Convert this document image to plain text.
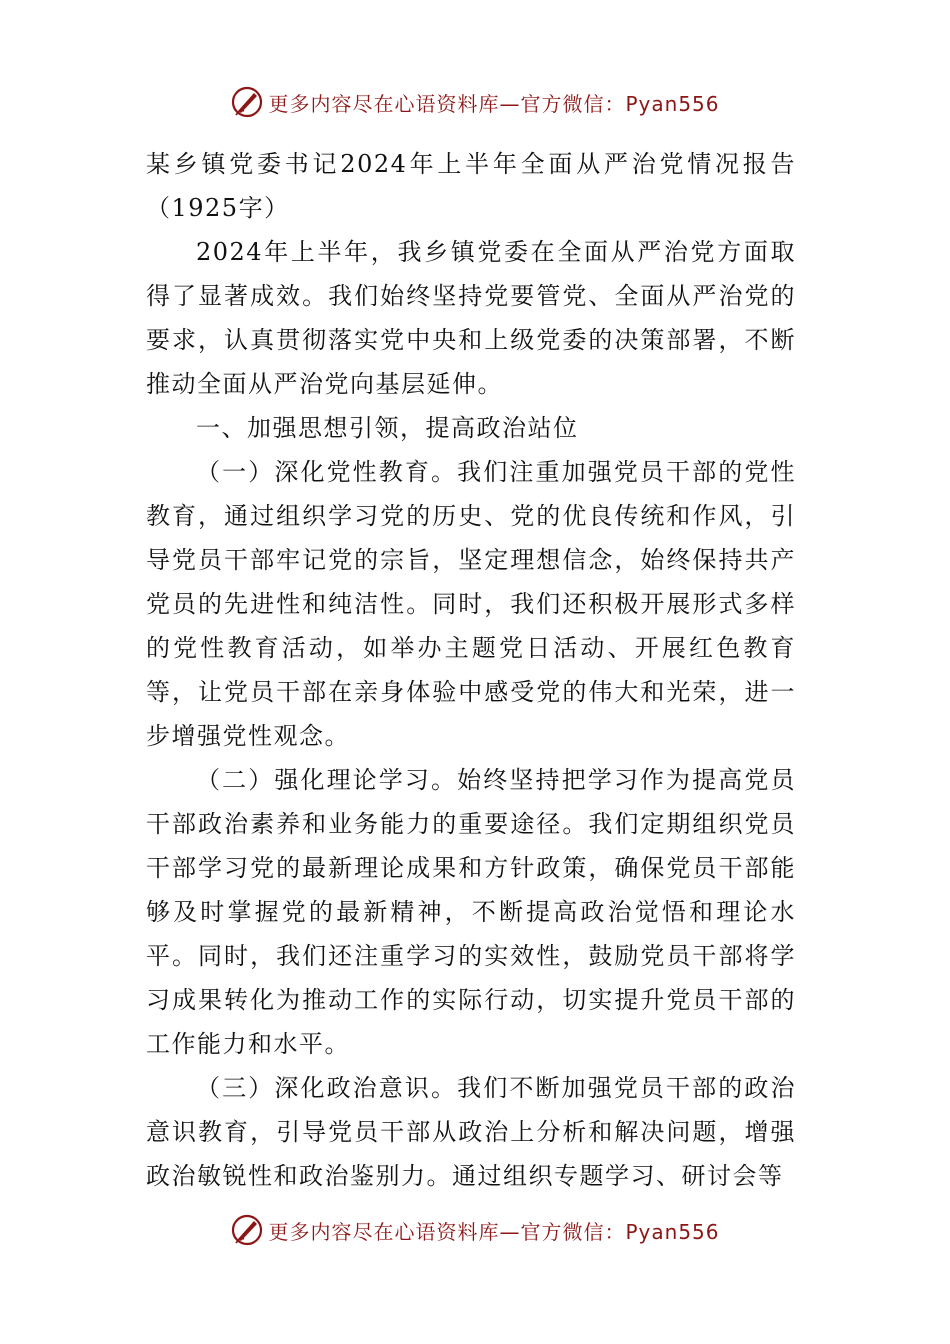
更多内容尽在心语资料库—官方微信：Pyan556

某乡镇党委书记2024年上半年全面从严治党情况报告（1925字）

2024年上半年，我乡镇党委在全面从严治党方面取得了显著成效。我们始终坚持党要管党、全面从严治党的要求，认真贯彻落实党中央和上级党委的决策部署，不断推动全面从严治党向基层延伸。

一、加强思想引领，提高政治站位

（一）深化党性教育。我们注重加强党员干部的党性教育，通过组织学习党的历史、党的优良传统和作风，引导党员干部牢记党的宗旨，坚定理想信念，始终保持共产党员的先进性和纯洁性。同时，我们还积极开展形式多样的党性教育活动，如举办主题党日活动、开展红色教育等，让党员干部在亲身体验中感受党的伟大和光荣，进一步增强党性观念。

（二）强化理论学习。始终坚持把学习作为提高党员干部政治素养和业务能力的重要途径。我们定期组织党员干部学习党的最新理论成果和方针政策，确保党员干部能够及时掌握党的最新精神，不断提高政治觉悟和理论水平。同时，我们还注重学习的实效性，鼓励党员干部将学习成果转化为推动工作的实际行动，切实提升党员干部的工作能力和水平。

（三）深化政治意识。我们不断加强党员干部的政治意识教育，引导党员干部从政治上分析和解决问题，增强政治敏锐性和政治鉴别力。通过组织专题学习、研讨会等

更多内容尽在心语资料库—官方微信：Pyan556
